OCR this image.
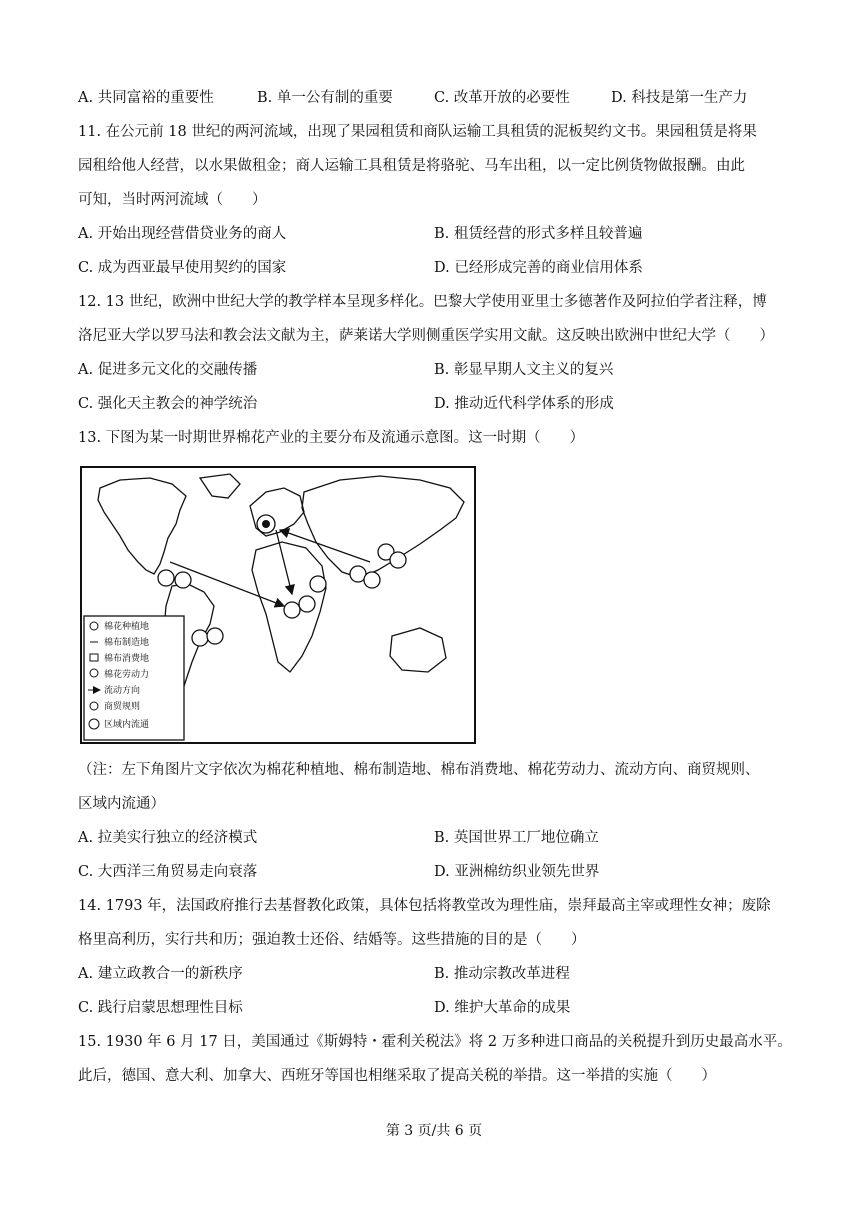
A. 共同富裕的重要性	B. 单一公有制的重要	C. 改革开放的必要性	D. 科技是第一生产力
11. 在公元前 18 世纪的两河流域，出现了果园租赁和商队运输工具租赁的泥板契约文书。果园租赁是将果
园租给他人经营，以水果做租金；商人运输工具租赁是将骆驼、马车出租，以一定比例货物做报酬。由此
可知，当时两河流域（　　）
A. 开始出现经营借贷业务的商人	B. 租赁经营的形式多样且较普遍
C. 成为西亚最早使用契约的国家	D. 已经形成完善的商业信用体系
12. 13 世纪，欧洲中世纪大学的教学样本呈现多样化。巴黎大学使用亚里士多德著作及阿拉伯学者注释，博
洛尼亚大学以罗马法和教会法文献为主，萨莱诺大学则侧重医学实用文献。这反映出欧洲中世纪大学（　　）
A. 促进多元文化的交融传播	B. 彰显早期人文主义的复兴
C. 强化天主教会的神学统治	D. 推动近代科学体系的形成
13. 下图为某一时期世界棉花产业的主要分布及流通示意图。这一时期（　　）
棉花种植地
棉布制造地
棉布消费地
棉花劳动力
流动方向
商贸规则
区域内流通
（注：左下角图片文字依次为棉花种植地、棉布制造地、棉布消费地、棉花劳动力、流动方向、商贸规则、
区域内流通）
A. 拉美实行独立的经济模式	B. 英国世界工厂地位确立
C. 大西洋三角贸易走向衰落	D. 亚洲棉纺织业领先世界
14. 1793 年，法国政府推行去基督教化政策，具体包括将教堂改为理性庙，崇拜最高主宰或理性女神；废除
格里高利历，实行共和历；强迫教士还俗、结婚等。这些措施的目的是（　　）
A. 建立政教合一的新秩序	B. 推动宗教改革进程
C. 践行启蒙思想理性目标	D. 维护大革命的成果
15. 1930 年 6 月 17 日，美国通过《斯姆特・霍利关税法》将 2 万多种进口商品的关税提升到历史最高水平。
此后，德国、意大利、加拿大、西班牙等国也相继采取了提高关税的举措。这一举措的实施（　　）
第 3 页/共 6 页
